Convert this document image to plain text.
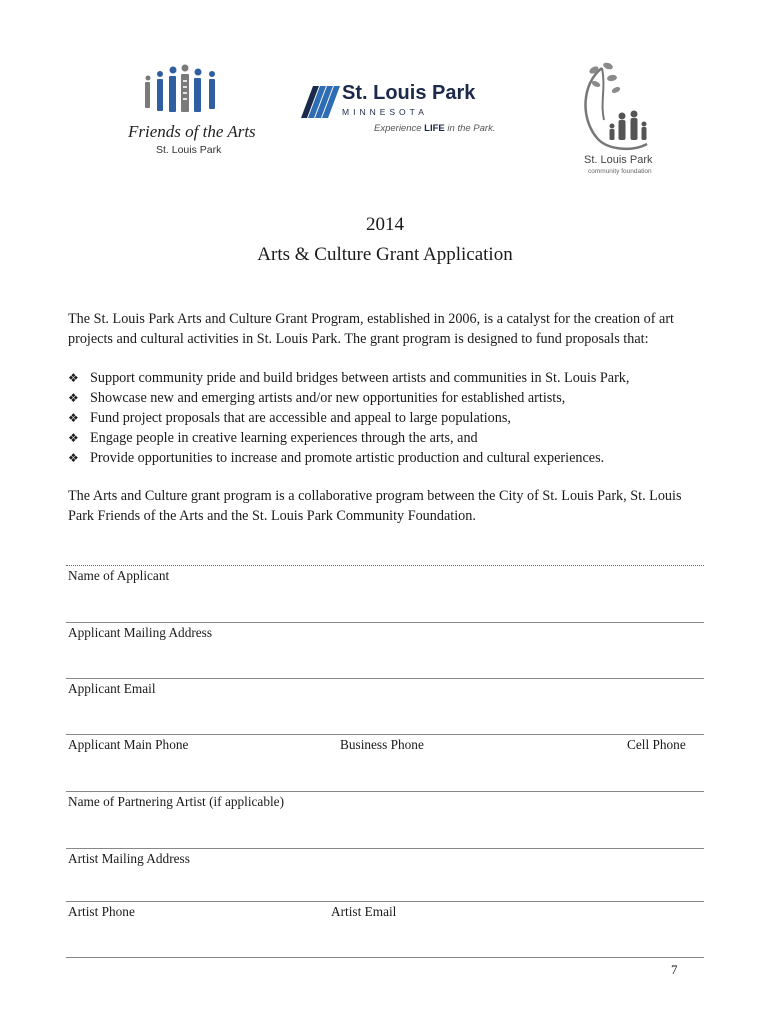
Friends of the Arts
St. Louis Park
St. Louis Park
MINNESOTA
Experience LIFE in the Park.
St. Louis Park
community foundation
2014
Arts & Culture Grant Application
The St. Louis Park Arts and Culture Grant Program, established in 2006, is a catalyst for the creation of art projects and cultural activities in St. Louis Park. The grant program is designed to fund proposals that:
❖ Support community pride and build bridges between artists and communities in St. Louis Park,
❖ Showcase new and emerging artists and/or new opportunities for established artists,
❖ Fund project proposals that are accessible and appeal to large populations,
❖ Engage people in creative learning experiences through the arts, and
❖ Provide opportunities to increase and promote artistic production and cultural experiences.
The Arts and Culture grant program is a collaborative program between the City of St. Louis Park, St. Louis Park Friends of the Arts and the St. Louis Park Community Foundation.
Name of Applicant
Applicant Mailing Address
Applicant Email
Applicant Main Phone	Business Phone	Cell Phone
Name of Partnering Artist (if applicable)
Artist Mailing Address
Artist Phone	Artist Email
7
